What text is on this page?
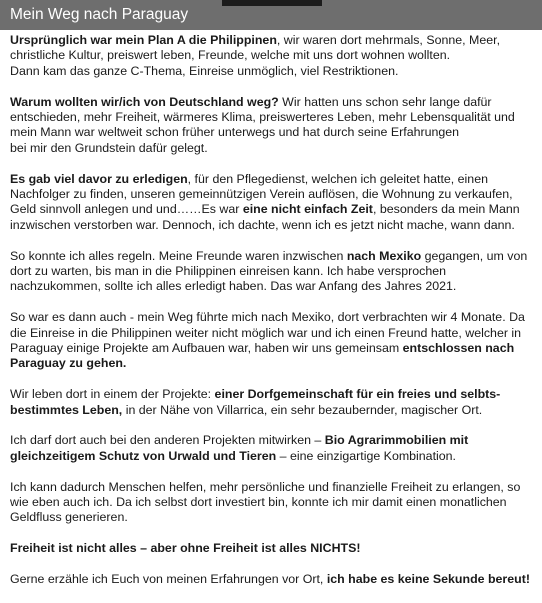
Mein Weg nach Paraguay

Ursprünglich war mein Plan A die Philippinen, wir waren dort mehrmals, Sonne, Meer,
christliche Kultur, preiswert leben, Freunde, welche mit uns dort wohnen wollten.
Dann kam das ganze C-Thema, Einreise unmöglich, viel Restriktionen.

Warum wollten wir/ich von Deutschland weg? Wir hatten uns schon sehr lange dafür
entschieden, mehr Freiheit, wärmeres Klima, preiswerteres Leben, mehr Lebensqualität und
mein Mann war weltweit schon früher unterwegs und hat durch seine Erfahrungen
bei mir den Grundstein dafür gelegt.

Es gab viel davor zu erledigen, für den Pflegedienst, welchen ich geleitet hatte, einen
Nachfolger zu finden, unseren gemeinnützigen Verein auflösen, die Wohnung zu verkaufen,
Geld sinnvoll anlegen und und……Es war eine nicht einfach Zeit, besonders da mein Mann
inzwischen verstorben war. Dennoch, ich dachte, wenn ich es jetzt nicht mache, wann dann.

So konnte ich alles regeln. Meine Freunde waren inzwischen nach Mexiko gegangen, um von
dort zu warten, bis man in die Philippinen einreisen kann. Ich habe versprochen
nachzukommen, sollte ich alles erledigt haben. Das war Anfang des Jahres 2021.

So war es dann auch - mein Weg führte mich nach Mexiko, dort verbrachten wir 4 Monate. Da
die Einreise in die Philippinen weiter nicht möglich war und ich einen Freund hatte, welcher in
Paraguay einige Projekte am Aufbauen war, haben wir uns gemeinsam entschlossen nach
Paraguay zu gehen.

Wir leben dort in einem der Projekte: einer Dorfgemeinschaft für ein freies und selbts-
bestimmtes Leben, in der Nähe von Villarrica, ein sehr bezaubernder, magischer Ort.

Ich darf dort auch bei den anderen Projekten mitwirken – Bio Agrarimmobilien mit
gleichzeitigem Schutz von Urwald und Tieren – eine einzigartige Kombination.

Ich kann dadurch Menschen helfen, mehr persönliche und finanzielle Freiheit zu erlangen, so
wie eben auch ich. Da ich selbst dort investiert bin, konnte ich mir damit einen monatlichen
Geldfluss generieren.

Freiheit ist nicht alles – aber ohne Freiheit ist alles NICHTS!

Gerne erzähle ich Euch von meinen Erfahrungen vor Ort, ich habe es keine Sekunde bereut!
